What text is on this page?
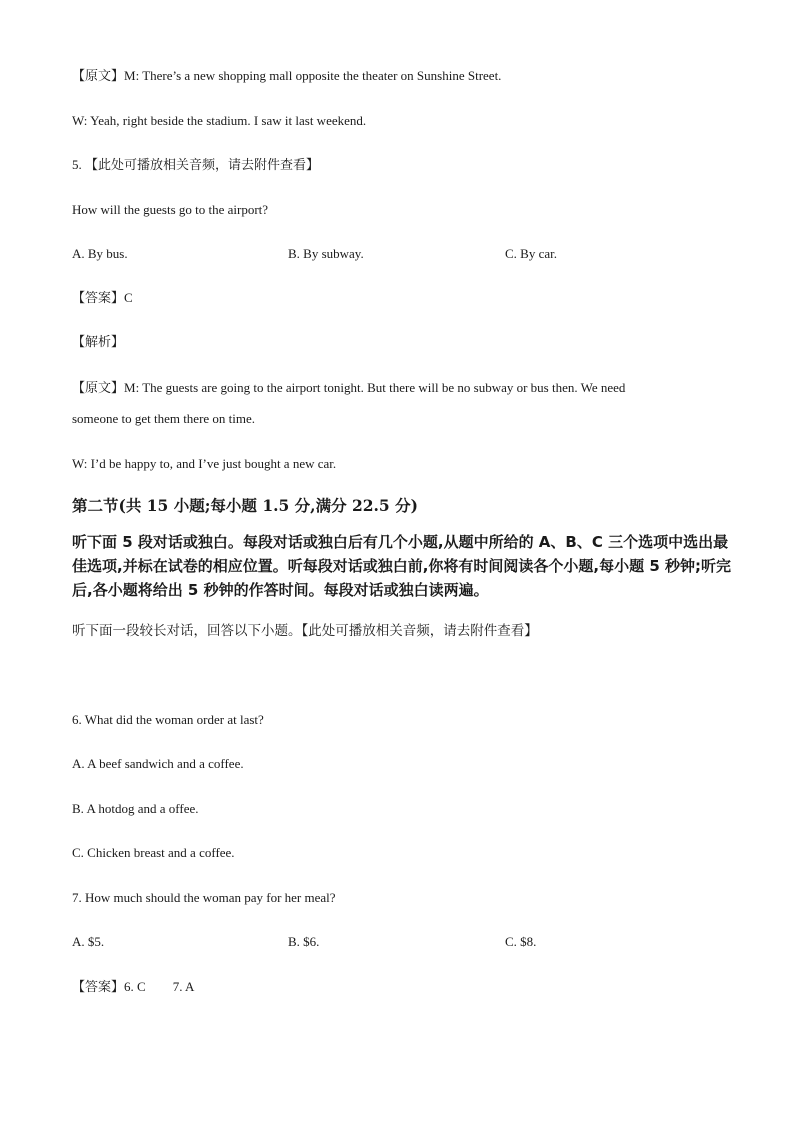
【原文】M: There’s a new shopping mall opposite the theater on Sunshine Street.
W: Yeah, right beside the stadium. I saw it last weekend.
5. 【此处可播放相关音频，请去附件查看】
How will the guests go to the airport?
A. By bus.	B. By subway.	C. By car.
【答案】C
【解析】
【原文】M: The guests are going to the airport tonight. But there will be no subway or bus then. We need
someone to get them there on time.
W: I’d be happy to, and I’ve just bought a new car.
第二节(共 15 小题;每小题 1.5 分,满分 22.5 分)
听下面 5 段对话或独白。每段对话或独白后有几个小题,从题中所给的 A、B、C 三个选项中选出最佳选项,并标在试卷的相应位置。听每段对话或独白前,你将有时间阅读各个小题,每小题 5 秒钟;听完后,各小题将给出 5 秒钟的作答时间。每段对话或独白读两遍。
听下面一段较长对话，回答以下小题。【此处可播放相关音频，请去附件查看】
6. What did the woman order at last?
A. A beef sandwich and a coffee.
B. A hotdog and a offee.
C. Chicken breast and a coffee.
7. How much should the woman pay for her meal?
A. $5.	B. $6.	C. $8.
【答案】6. C 7. A
